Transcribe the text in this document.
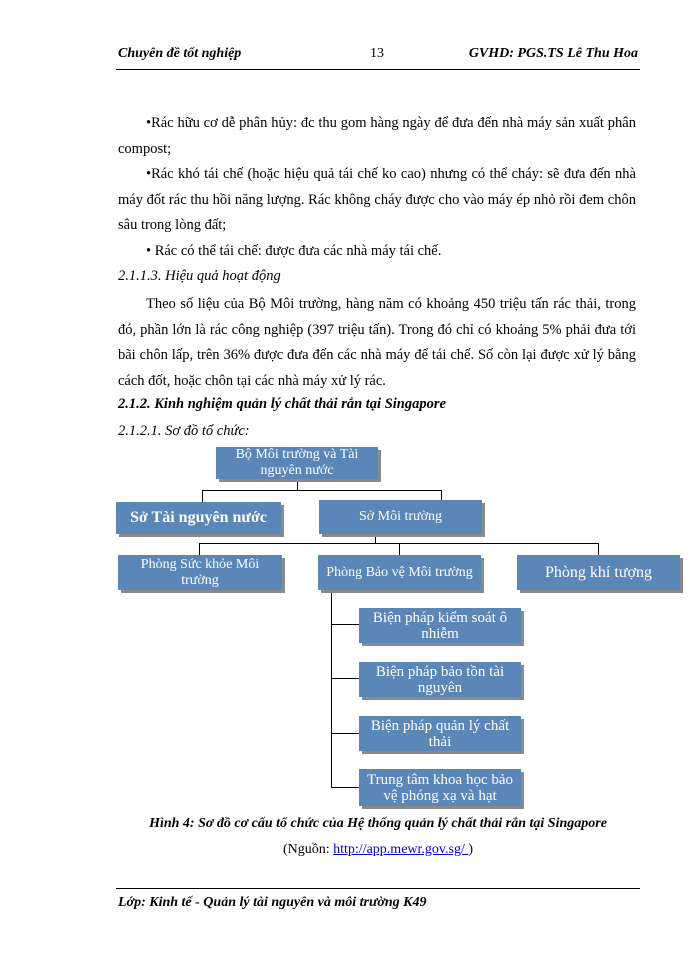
Chuyên đề tốt nghiệp	13	GVHD: PGS.TS Lê Thu Hoa
•Rác hữu cơ dễ phân hủy: đc thu gom hàng ngày để đưa đến nhà máy sản xuất phân compost;
•Rác khó tái chế (hoặc hiệu quả tái chế ko cao) nhưng có thể cháy: sẽ đưa đến nhà máy đốt rác thu hồi năng lượng. Rác không cháy được cho vào máy ép nhỏ rồi đem chôn sâu trong lòng đất;
• Rác có thể tái chế: được đưa các nhà máy tái chế.
2.1.1.3. Hiệu quả hoạt động
Theo số liệu của Bộ Môi trường, hàng năm có khoảng 450 triệu tấn rác thải, trong đó, phần lớn là rác công nghiệp (397 triệu tấn). Trong đó chỉ có khoảng 5% phải đưa tới bãi chôn lấp, trên 36% được đưa đến các nhà máy để tái chế. Số còn lại được xử lý bằng cách đốt, hoặc chôn tại các nhà máy xử lý rác.
2.1.2. Kinh nghiệm quản lý chất thải rắn tại Singapore
2.1.2.1. Sơ đồ tổ chức:
Bộ Môi trường và Tài nguyên nước
Sở Tài nguyên nước	Sở Môi trường
Phòng Sức khỏe Môi trường
Phòng Bảo vệ Môi trường	Phòng khí tượng
Biện pháp kiểm soát ô nhiễm
Biện pháp bảo tồn tài nguyên
Biện pháp quản lý chất thải
Trung tâm khoa học bảo vệ phóng xạ và hạt
Hình 4: Sơ đồ cơ cấu tổ chức của Hệ thống quản lý chất thải rắn tại Singapore
(Nguồn: http://app.mewr.gov.sg/ )
Lớp: Kinh tế - Quản lý tài nguyên và môi trường K49
